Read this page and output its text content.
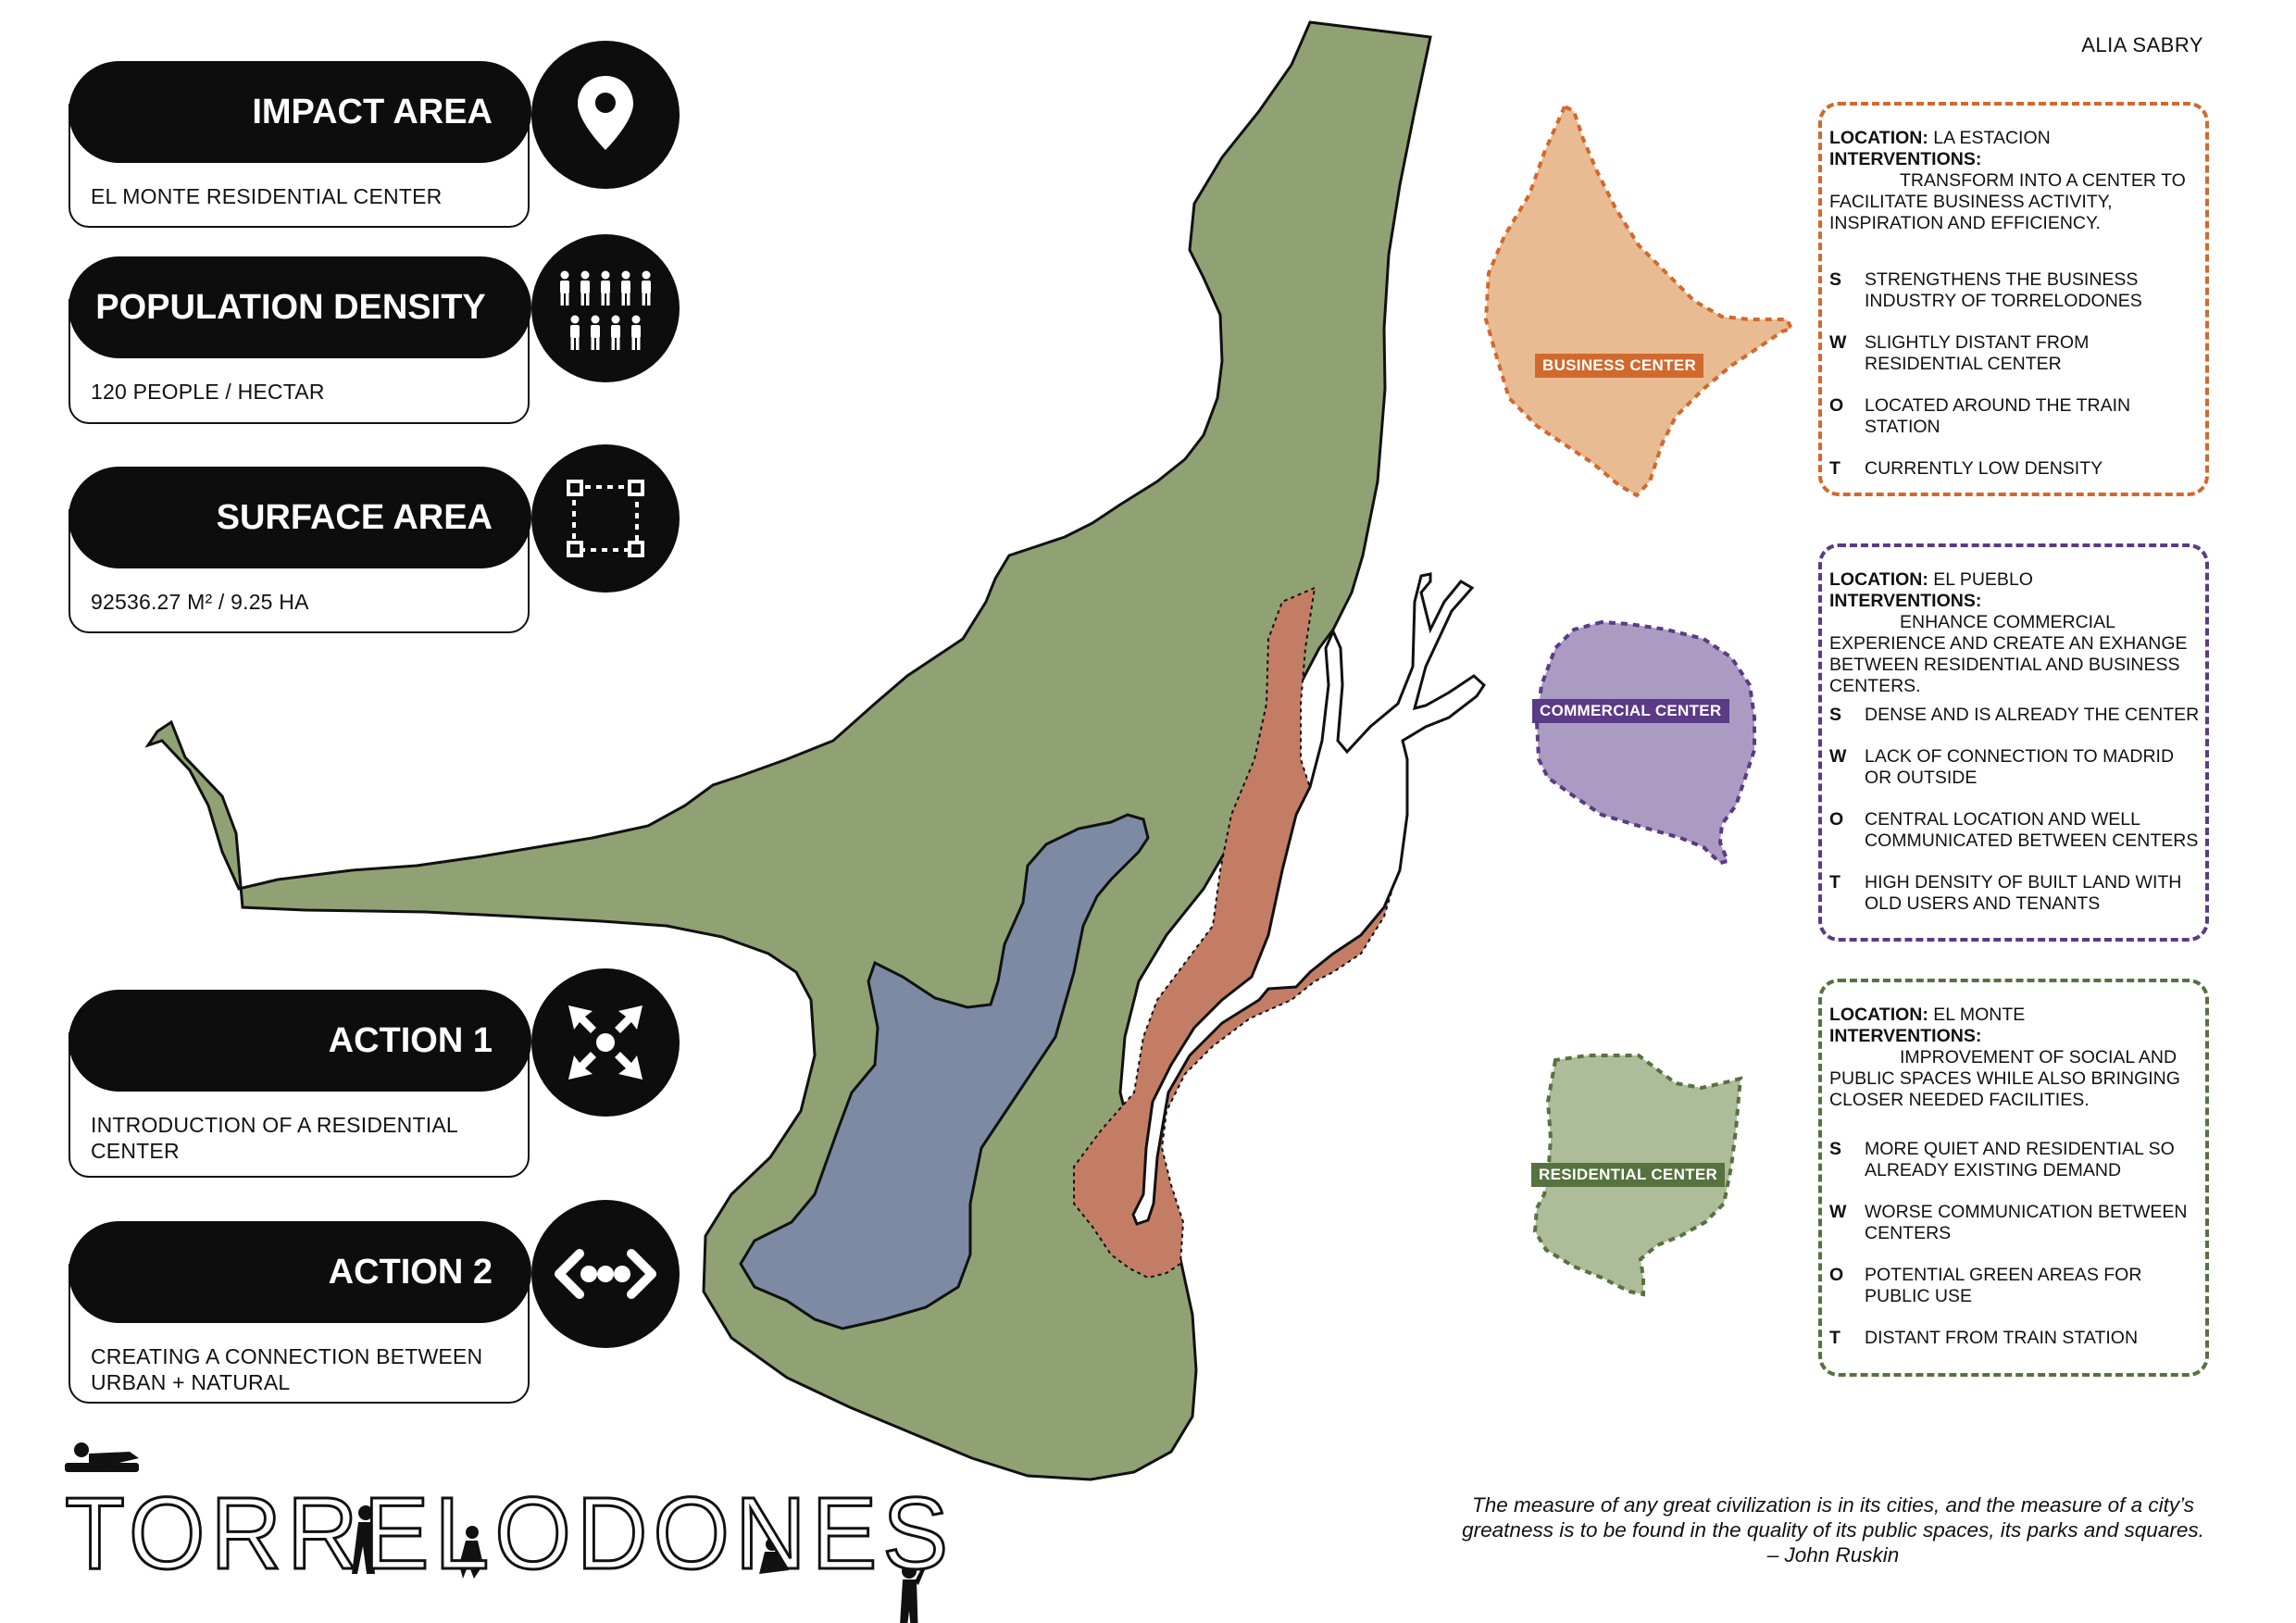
ALIA SABRY
IMPACT AREA
EL MONTE RESIDENTIAL CENTER
POPULATION DENSITY
120 PEOPLE / HECTAR
SURFACE AREA
92536.27 M² / 9.25 HA
ACTION 1
INTRODUCTION OF A RESIDENTIAL CENTER
ACTION 2
CREATING A CONNECTION BETWEEN URBAN + NATURAL
TORRELODONES
BUSINESS CENTER
COMMERCIAL CENTER
RESIDENTIAL CENTER
LOCATION: LA ESTACION
INTERVENTIONS:

TRANSFORM INTO A CENTER TO FACILITATE BUSINESS ACTIVITY, INSPIRATION AND EFFICIENCY.

S STRENGTHENS THE BUSINESS INDUSTRY OF TORRELODONES
W SLIGHTLY DISTANT FROM RESIDENTIAL CENTER
O LOCATED AROUND THE TRAIN STATION
T CURRENTLY LOW DENSITY
LOCATION: EL PUEBLO
INTERVENTIONS:

ENHANCE COMMERCIAL EXPERIENCE AND CREATE AN EXHANGE BETWEEN RESIDENTIAL AND BUSINESS CENTERS.

S DENSE AND IS ALREADY THE CENTER
W LACK OF CONNECTION TO MADRID OR OUTSIDE
O CENTRAL LOCATION AND WELL COMMUNICATED BETWEEN CENTERS
T HIGH DENSITY OF BUILT LAND WITH OLD USERS AND TENANTS
LOCATION: EL MONTE
INTERVENTIONS:

IMPROVEMENT OF SOCIAL AND PUBLIC SPACES WHILE ALSO BRINGING CLOSER NEEDED FACILITIES.

S MORE QUIET AND RESIDENTIAL SO ALREADY EXISTING DEMAND
W WORSE COMMUNICATION BETWEEN CENTERS
O POTENTIAL GREEN AREAS FOR PUBLIC USE
T DISTANT FROM TRAIN STATION
The measure of any great civilization is in its cities, and the measure of a city’s
greatness is to be found in the quality of its public spaces, its parks and squares.
– John Ruskin
